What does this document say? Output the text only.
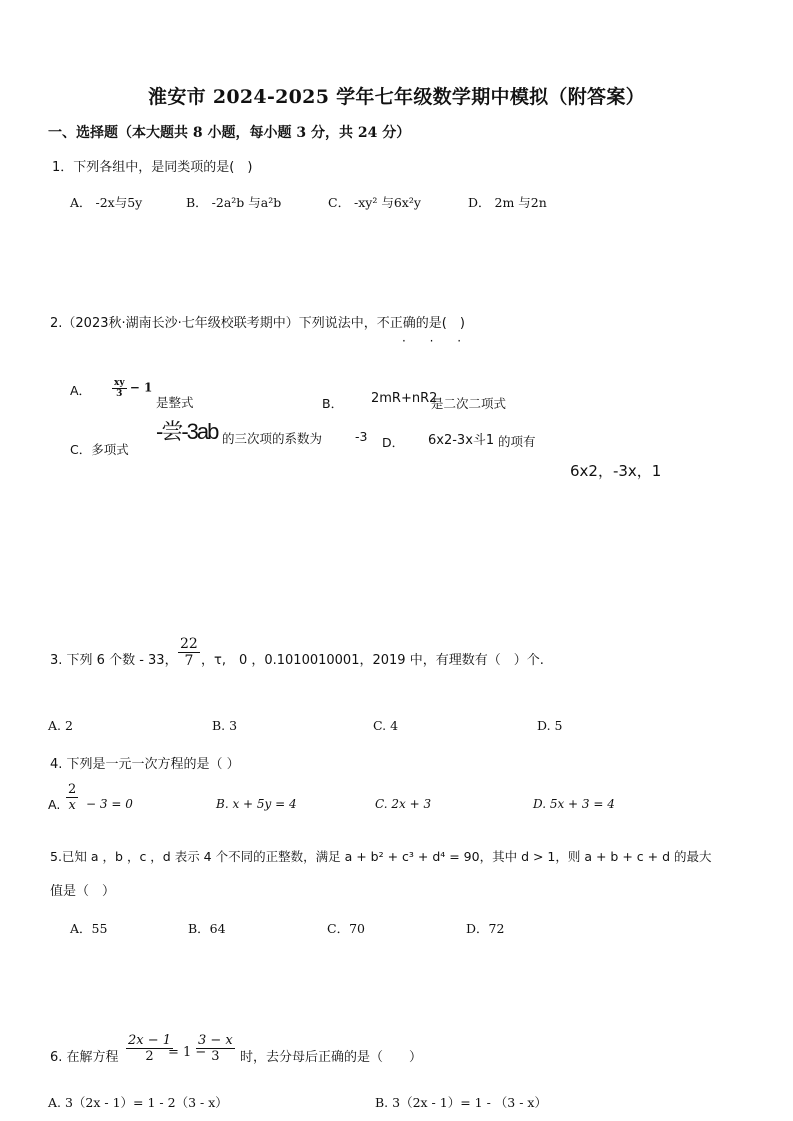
淮安市 2024-2025 学年七年级数学期中模拟（附答案）
一、选择题（本大题共 8 小题，每小题 3 分，共 24 分）
1．下列各组中，是同类项的是(　)
A． -2x与5y	B． -2a²b 与a²b	C． -xy² 与6x²y	D． 2m 与2n
2.（2023秋·湖南长沙·七年级校联考期中）下列说法中，不正确的是(　)
· · ·
A． $\frac{xy}{3} - 1$
是整式	B． 2mR+nR2
是二次二项式
C．多项式
-尝-3ab 的三次项的系数为	-3 D． 6x2-3x斗1 的项有
6x2，-3x，1
3. 下列 6 个数 - 33， $\frac{22}{7}$ ，τ,　0 ，0.1010010001，2019 中，有理数有（　）个.
A. 2	B. 3	C. 4	D. 5
4. 下列是一元一次方程的是（ ）
A. $\frac{2}{x} - 3 = 0$	B. x + 5y = 4	C. 2x + 3	D. 5x + 3 = 4
5.已知 a ，b ，c ，d 表示 4 个不同的正整数，满足 a + b² + c³ + d⁴ = 90，其中 d > 1，则 a + b + c + d 的最大
值是（　）
A．55	B．64	C．70	D．72
6. 在解方程 $\frac{2x - 1}{2}$
= 1 −
$\frac{3 - x}{3}$ 时，去分母后正确的是（　　）
A. 3（2x - 1）= 1 - 2（3 - x）	B. 3（2x - 1）= 1 - （3 - x）
